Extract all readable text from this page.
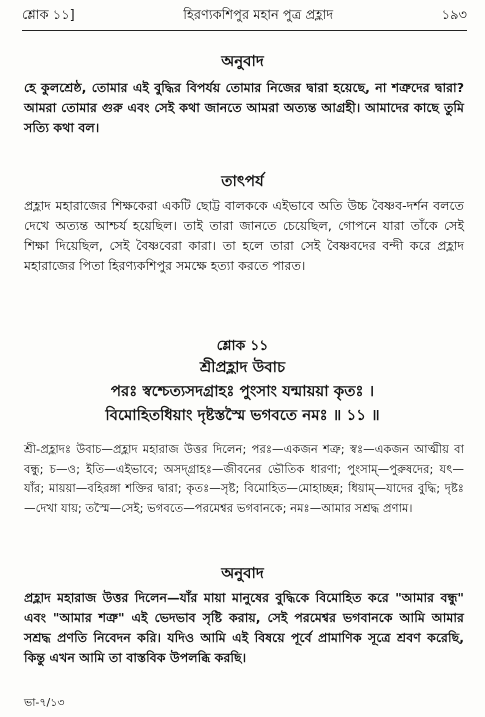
শ্লোক ১১]	হিরণ্যকশিপুর মহান পুত্র প্রহ্লাদ	১৯৩
অনুবাদ
হে কুলশ্রেষ্ঠ, তোমার এই বুদ্ধির বিপর্যয় তোমার নিজের দ্বারা হয়েছে, না শত্রুদের দ্বারা? আমরা তোমার গুরু এবং সেই কথা জানতে আমরা অত্যন্ত আগ্রহী। আমাদের কাছে তুমি সত্যি কথা বল।
তাৎপর্য
প্রহ্লাদ মহারাজের শিক্ষকেরা একটি ছোট্ট বালককে এইভাবে অতি উচ্চ বৈষ্ণব-দর্শন বলতে দেখে অত্যন্ত আশ্চর্য হয়েছিল। তাই তারা জানতে চেয়েছিল, গোপনে যারা তাঁকে সেই শিক্ষা দিয়েছিল, সেই বৈষ্ণবেরা কারা। তা হলে তারা সেই বৈষ্ণবদের বন্দী করে প্রহ্লাদ মহারাজের পিতা হিরণ্যকশিপুর সমক্ষে হত্যা করতে পারত।
শ্লোক ১১
শ্রীপ্রহ্লাদ উবাচ
পরঃ স্বশ্চেত্যসদগ্রাহঃ পুংসাং যন্মায়য়া কৃতঃ ।
বিমোহিতধিয়াং দৃষ্টস্তস্মৈ ভগবতে নমঃ ॥ ১১ ॥
শ্রী-প্রহ্লাদঃ উবাচ—প্রহ্লাদ মহারাজ উত্তর দিলেন; পরঃ—একজন শত্রু; স্বঃ—একজন আত্মীয় বা বন্ধু; চ—ও; ইতি—এইভাবে; অসদ্গ্রাহঃ—জীবনের ভৌতিক ধারণা; পুংসাম্—পুরুষদের; যৎ—যাঁর; মায়য়া—বহিরঙ্গা শক্তির দ্বারা; কৃতঃ—সৃষ্ট; বিমোহিত—মোহাচ্ছন্ন; ধিয়াম্—যাদের বুদ্ধি; দৃষ্টঃ—দেখা যায়; তস্মৈ—সেই; ভগবতে—পরমেশ্বর ভগবানকে; নমঃ—আমার সশ্রদ্ধ প্রণাম।
অনুবাদ
প্রহ্লাদ মহারাজ উত্তর দিলেন—যাঁর মায়া মানুষের বুদ্ধিকে বিমোহিত করে "আমার বন্ধু" এবং "আমার শত্রু" এই ভেদভাব সৃষ্টি করায়, সেই পরমেশ্বর ভগবানকে আমি আমার সশ্রদ্ধ প্রণতি নিবেদন করি। যদিও আমি এই বিষয়ে পূর্বে প্রামাণিক সূত্রে শ্রবণ করেছি, কিন্তু এখন আমি তা বাস্তবিক উপলব্ধি করছি।
ভা-৭/১৩
